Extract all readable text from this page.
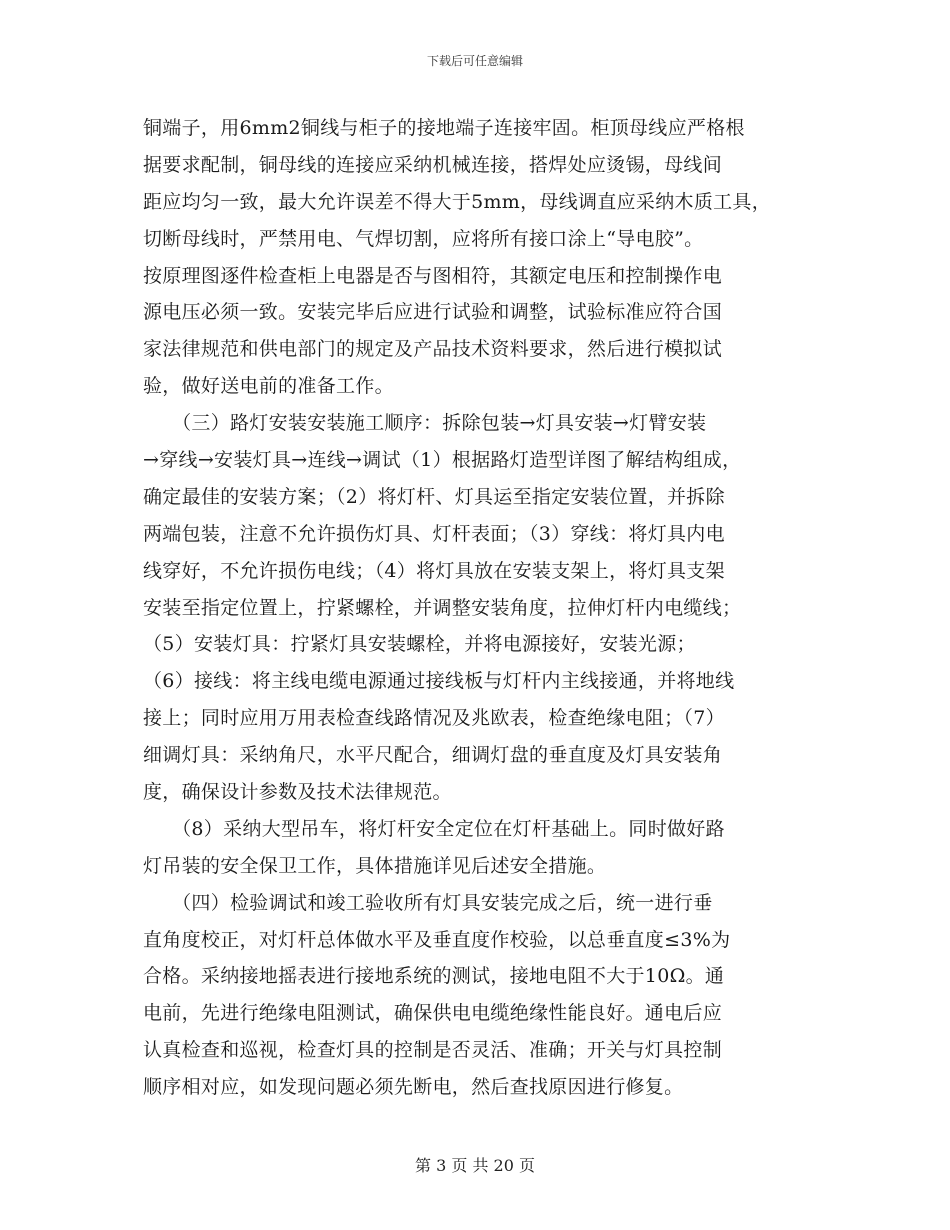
下载后可任意编辑
铜端子，用6mm2铜线与柜子的接地端子连接牢固。柜顶母线应严格根
据要求配制，铜母线的连接应采纳机械连接，搭焊处应烫锡，母线间
距应均匀一致，最大允许误差不得大于5mm，母线调直应采纳木质工具，
切断母线时，严禁用电、气焊切割，应将所有接口涂上“导电胶”。
按原理图逐件检查柜上电器是否与图相符，其额定电压和控制操作电
源电压必须一致。安装完毕后应进行试验和调整，试验标准应符合国
家法律规范和供电部门的规定及产品技术资料要求，然后进行模拟试
验，做好送电前的准备工作。
　　（三）路灯安装安装施工顺序：拆除包装→灯具安装→灯臂安装
→穿线→安装灯具→连线→调试（1）根据路灯造型详图了解结构组成，
确定最佳的安装方案；（2）将灯杆、灯具运至指定安装位置，并拆除
两端包装，注意不允许损伤灯具、灯杆表面；（3）穿线：将灯具内电
线穿好，不允许损伤电线；（4）将灯具放在安装支架上，将灯具支架
安装至指定位置上，拧紧螺栓，并调整安装角度，拉伸灯杆内电缆线；
（5）安装灯具：拧紧灯具安装螺栓，并将电源接好，安装光源；
（6）接线：将主线电缆电源通过接线板与灯杆内主线接通，并将地线
接上；同时应用万用表检查线路情况及兆欧表，检查绝缘电阻；（7）
细调灯具：采纳角尺，水平尺配合，细调灯盘的垂直度及灯具安装角
度，确保设计参数及技术法律规范。
　　（8）采纳大型吊车，将灯杆安全定位在灯杆基础上。同时做好路
灯吊装的安全保卫工作，具体措施详见后述安全措施。
　　（四）检验调试和竣工验收所有灯具安装完成之后，统一进行垂
直角度校正，对灯杆总体做水平及垂直度作校验，以总垂直度≤3%为
合格。采纳接地摇表进行接地系统的测试，接地电阻不大于10Ω。通
电前，先进行绝缘电阻测试，确保供电电缆绝缘性能良好。通电后应
认真检查和巡视，检查灯具的控制是否灵活、准确；开关与灯具控制
顺序相对应，如发现问题必须先断电，然后查找原因进行修复。
第 3 页 共 20 页
